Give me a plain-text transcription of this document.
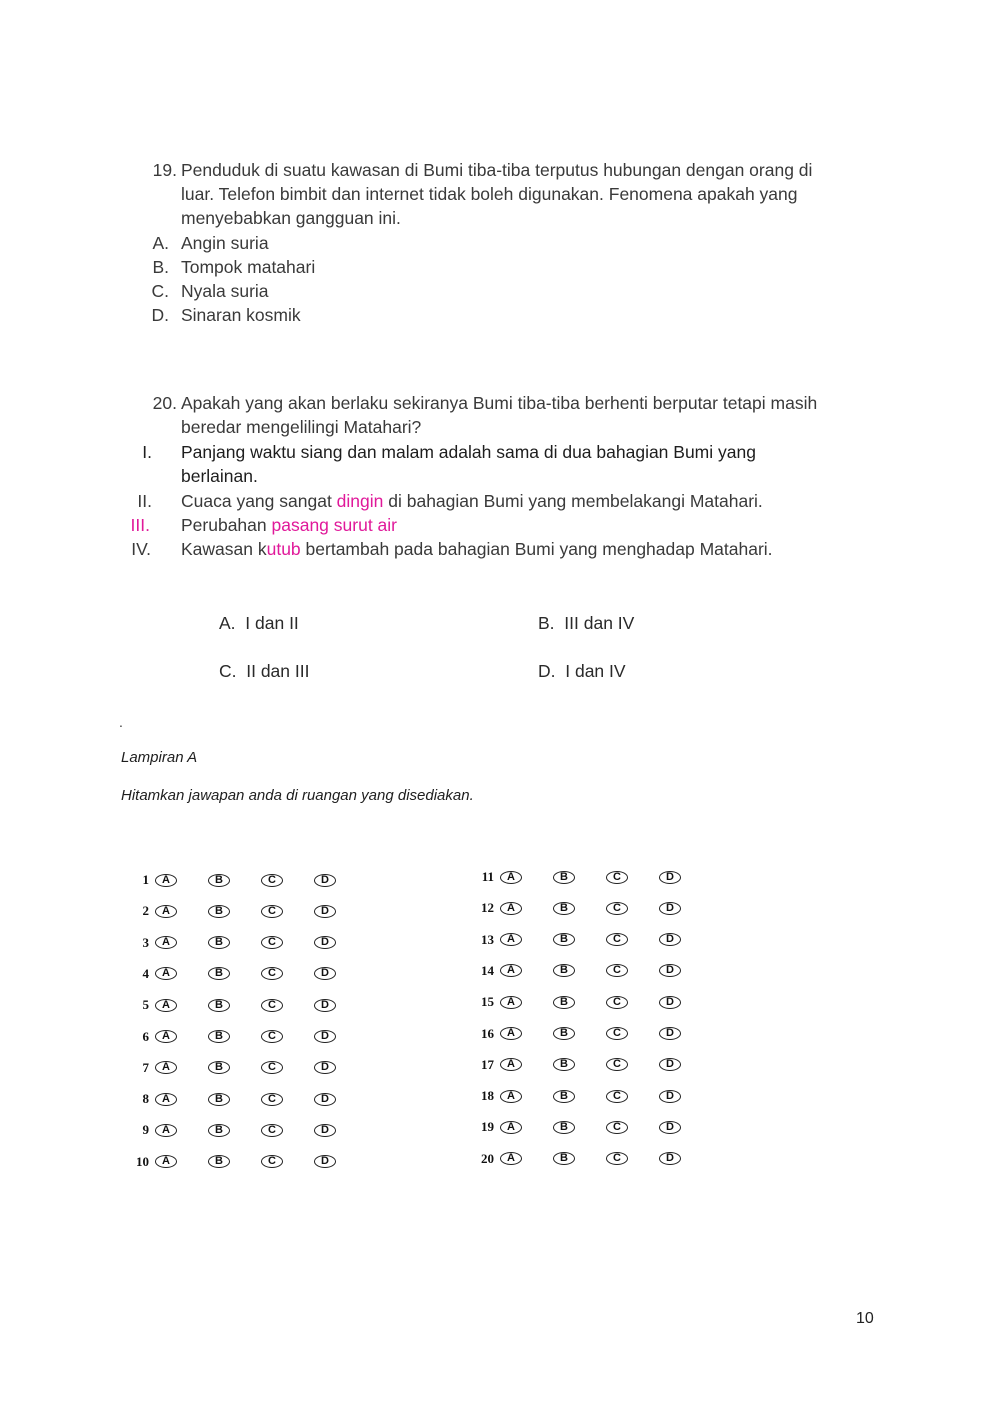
19. Penduduk di suatu kawasan di Bumi tiba-tiba terputus hubungan dengan orang di
luar. Telefon bimbit dan internet tidak boleh digunakan. Fenomena apakah yang
menyebabkan gangguan ini.
A. Angin suria
B. Tompok matahari
C. Nyala suria
D. Sinaran kosmik
20. Apakah yang akan berlaku sekiranya Bumi tiba-tiba berhenti berputar tetapi masih
beredar mengelilingi Matahari?
I. Panjang waktu siang dan malam adalah sama di dua bahagian Bumi yang
berlainan.
II. Cuaca yang sangat dingin di bahagian Bumi yang membelakangi Matahari.
III. Perubahan pasang surut air
IV. Kawasan kutub bertambah pada bahagian Bumi yang menghadap Matahari.
A. I dan II	B. III dan IV
C. II dan III	D. I dan IV
.
Lampiran A
Hitamkan jawapan anda di ruangan yang disediakan.
1	A	B	C	D
2	A	B	C	D
3	A	B	C	D
4	A	B	C	D
5	A	B	C	D
6	A	B	C	D
7	A	B	C	D
8	A	B	C	D
9	A	B	C	D
10	A	B	C	D
11	A	B	C	D
12	A	B	C	D
13	A	B	C	D
14	A	B	C	D
15	A	B	C	D
16	A	B	C	D
17	A	B	C	D
18	A	B	C	D
19	A	B	C	D
20	A	B	C	D
10
